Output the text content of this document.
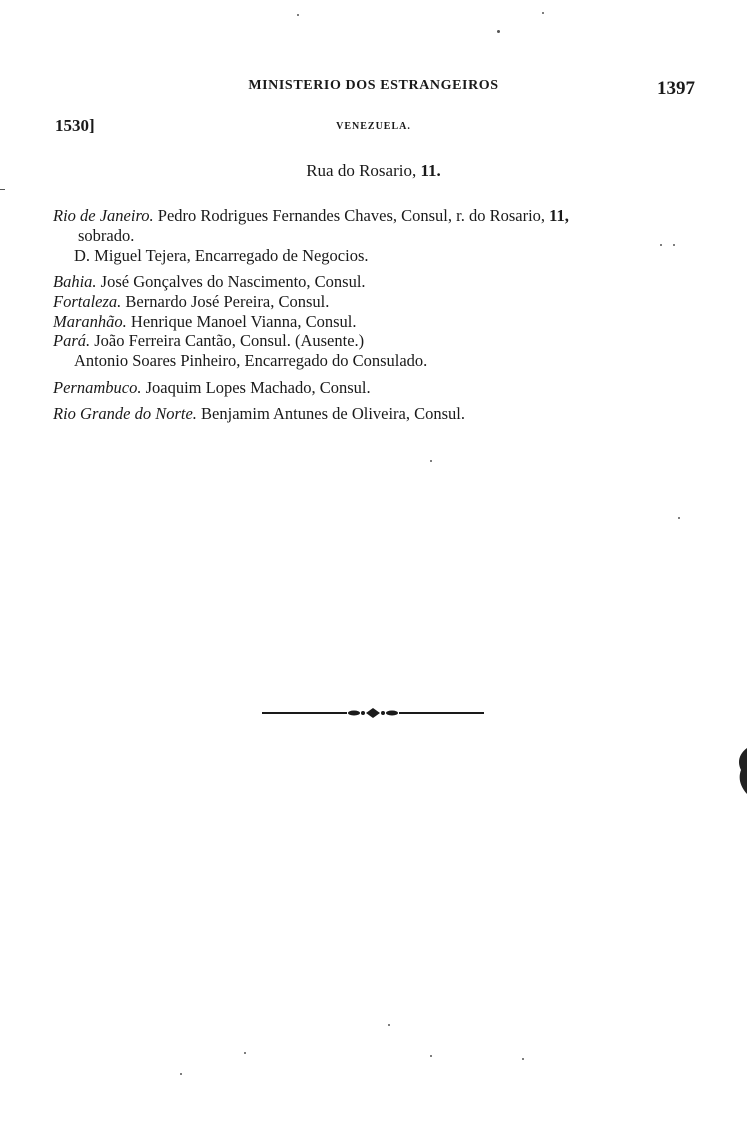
MINISTERIO DOS ESTRANGEIROS	1397
1530]	VENEZUELA.
Rua do Rosario, 11.
Rio de Janeiro. Pedro Rodrigues Fernandes Chaves, Consul, r. do Rosario, 11,
sobrado.
D. Miguel Tejera, Encarregado de Negocios.
Bahia. José Gonçalves do Nascimento, Consul.
Fortaleza. Bernardo José Pereira, Consul.
Maranhão. Henrique Manoel Vianna, Consul.
Pará. João Ferreira Cantão, Consul. (Ausente.)
Antonio Soares Pinheiro, Encarregado do Consulado.
Pernambuco. Joaquim Lopes Machado, Consul.
Rio Grande do Norte. Benjamim Antunes de Oliveira, Consul.
